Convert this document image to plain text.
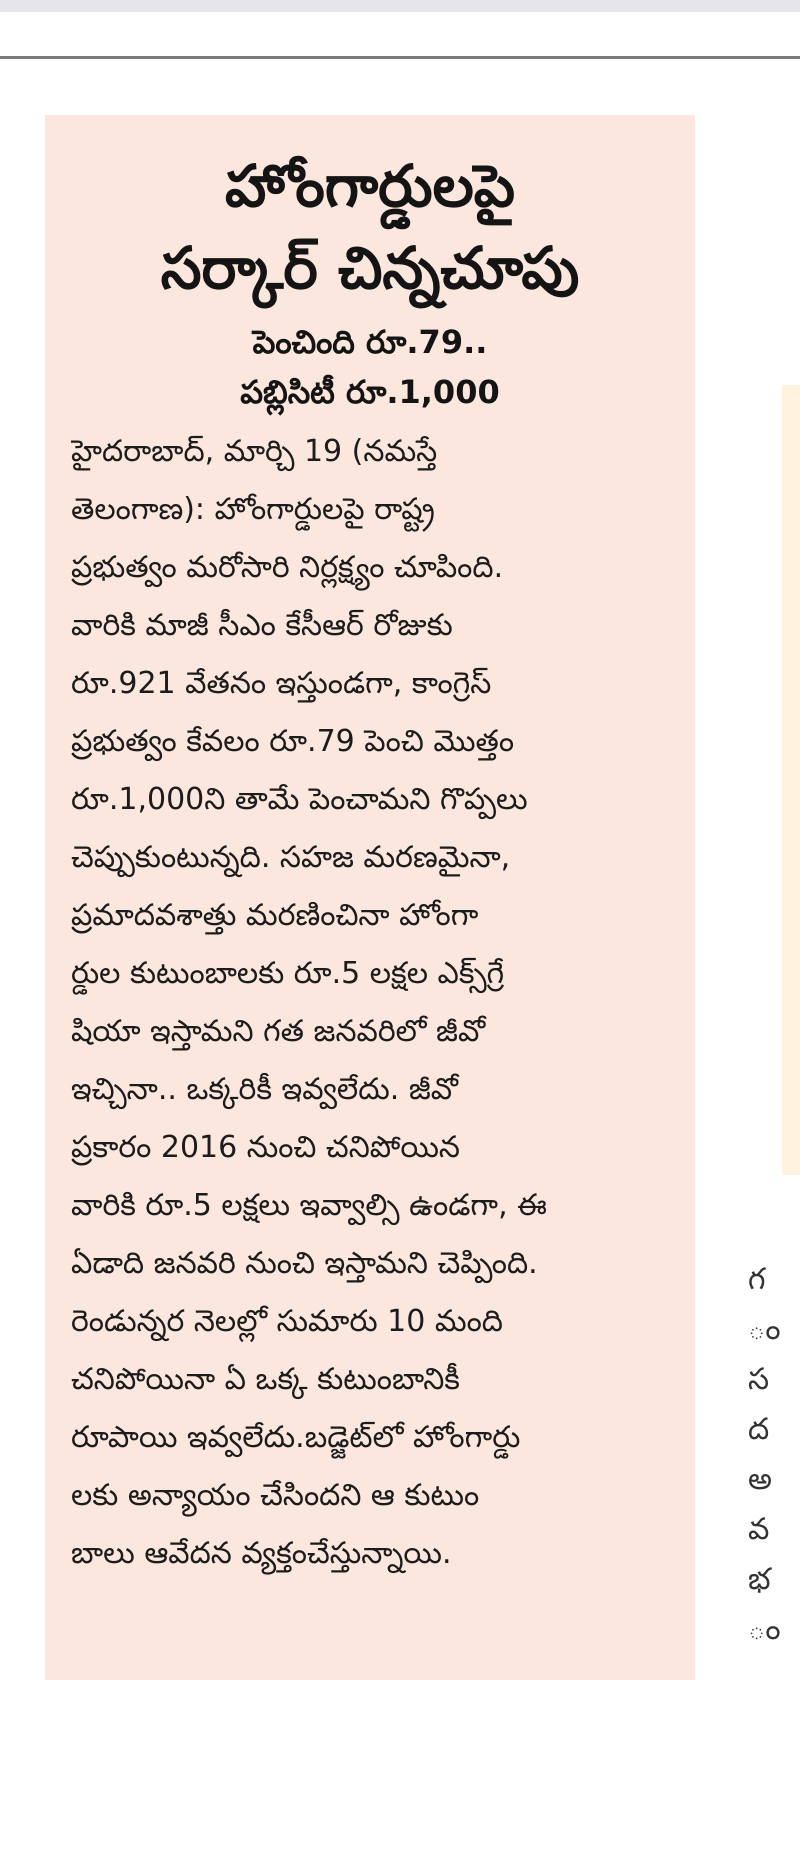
హోంగార్డులపై

సర్కార్ చిన్నచూపు

పెంచింది రూ.79..

పబ్లిసిటీ రూ.1,000

హైదరాబాద్, మార్చి 19 (నమస్తే
తెలంగాణ): హోంగార్డులపై రాష్ట్ర
ప్రభుత్వం మరోసారి నిర్లక్ష్యం చూపింది.
వారికి మాజీ సీఎం కేసీఆర్ రోజుకు
రూ.921 వేతనం ఇస్తుండగా, కాంగ్రెస్
ప్రభుత్వం కేవలం రూ.79 పెంచి మొత్తం
రూ.1,000ని తామే పెంచామని గొప్పలు
చెప్పుకుంటున్నది. సహజ మరణమైనా,
ప్రమాదవశాత్తు మరణించినా హోంగా
ర్డుల కుటుంబాలకు రూ.5 లక్షల ఎక్స్‌గ్రే
షియా ఇస్తామని గత జనవరిలో జీవో
ఇచ్చినా.. ఒక్కరికీ ఇవ్వలేదు. జీవో
ప్రకారం 2016 నుంచి చనిపోయిన
వారికి రూ.5 లక్షలు ఇవ్వాల్సి ఉండగా, ఈ
ఏడాది జనవరి నుంచి ఇస్తామని చెప్పింది.
రెండున్నర నెలల్లో సుమారు 10 మంది
చనిపోయినా ఏ ఒక్క కుటుంబానికీ
రూపాయి ఇవ్వలేదు.బడ్జెట్‌లో హోంగార్డు
లకు అన్యాయం చేసిందని ఆ కుటుం
బాలు ఆవేదన వ్యక్తంచేస్తున్నాయి.
గ
ం
స
ద
అ
వ
భ
ం
